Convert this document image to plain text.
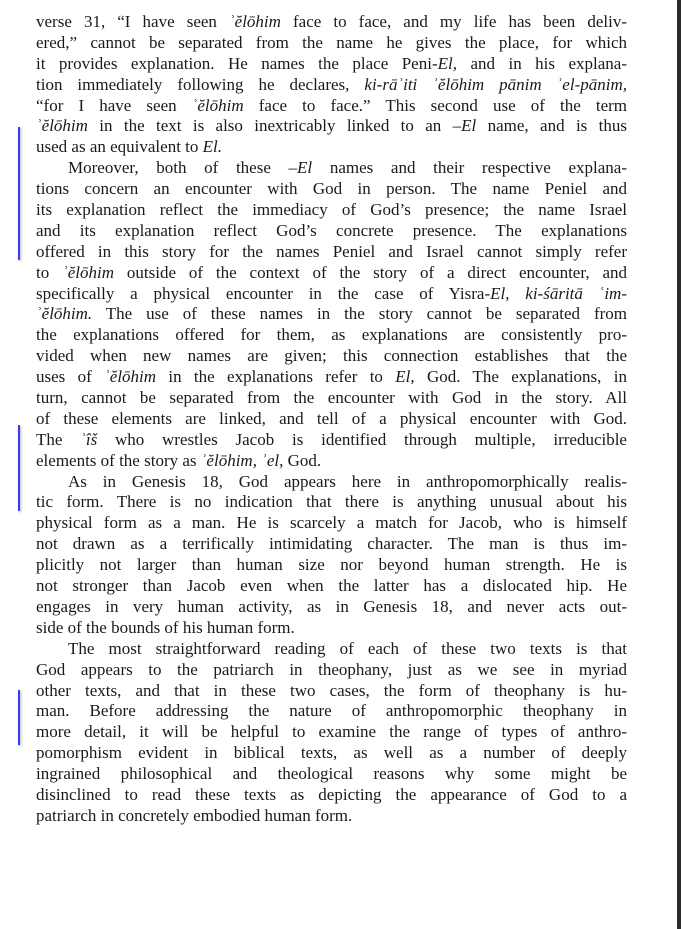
verse 31, “I have seen ʾĕlōhim face to face, and my life has been deliv-
ered,” cannot be separated from the name he gives the place, for which
it provides explanation. He names the place Peni-El, and in his explana-
tion immediately following he declares, ki-rāʾiti ʾĕlōhim pānim ʾel-pānim,
“for I have seen ʾĕlōhim face to face.” This second use of the term
ʾĕlōhim in the text is also inextricably linked to an –El name, and is thus
used as an equivalent to El.
Moreover, both of these –El names and their respective explana-
tions concern an encounter with God in person. The name Peniel and
its explanation reflect the immediacy of God’s presence; the name Israel
and its explanation reflect God’s concrete presence. The explanations
offered in this story for the names Peniel and Israel cannot simply refer
to ʾĕlōhim outside of the context of the story of a direct encounter, and
specifically a physical encounter in the case of Yisra-El, ki-śāritā ʿim-
ʾĕlōhim. The use of these names in the story cannot be separated from
the explanations offered for them, as explanations are consistently pro-
vided when new names are given; this connection establishes that the
uses of ʾĕlōhim in the explanations refer to El, God. The explanations, in
turn, cannot be separated from the encounter with God in the story. All
of these elements are linked, and tell of a physical encounter with God.
The ʾîš who wrestles Jacob is identified through multiple, irreducible
elements of the story as ʾĕlōhim, ʾel, God.
As in Genesis 18, God appears here in anthropomorphically realis-
tic form. There is no indication that there is anything unusual about his
physical form as a man. He is scarcely a match for Jacob, who is himself
not drawn as a terrifically intimidating character. The man is thus im-
plicitly not larger than human size nor beyond human strength. He is
not stronger than Jacob even when the latter has a dislocated hip. He
engages in very human activity, as in Genesis 18, and never acts out-
side of the bounds of his human form.
The most straightforward reading of each of these two texts is that
God appears to the patriarch in theophany, just as we see in myriad
other texts, and that in these two cases, the form of theophany is hu-
man. Before addressing the nature of anthropomorphic theophany in
more detail, it will be helpful to examine the range of types of anthro-
pomorphism evident in biblical texts, as well as a number of deeply
ingrained philosophical and theological reasons why some might be
disinclined to read these texts as depicting the appearance of God to a
patriarch in concretely embodied human form.
